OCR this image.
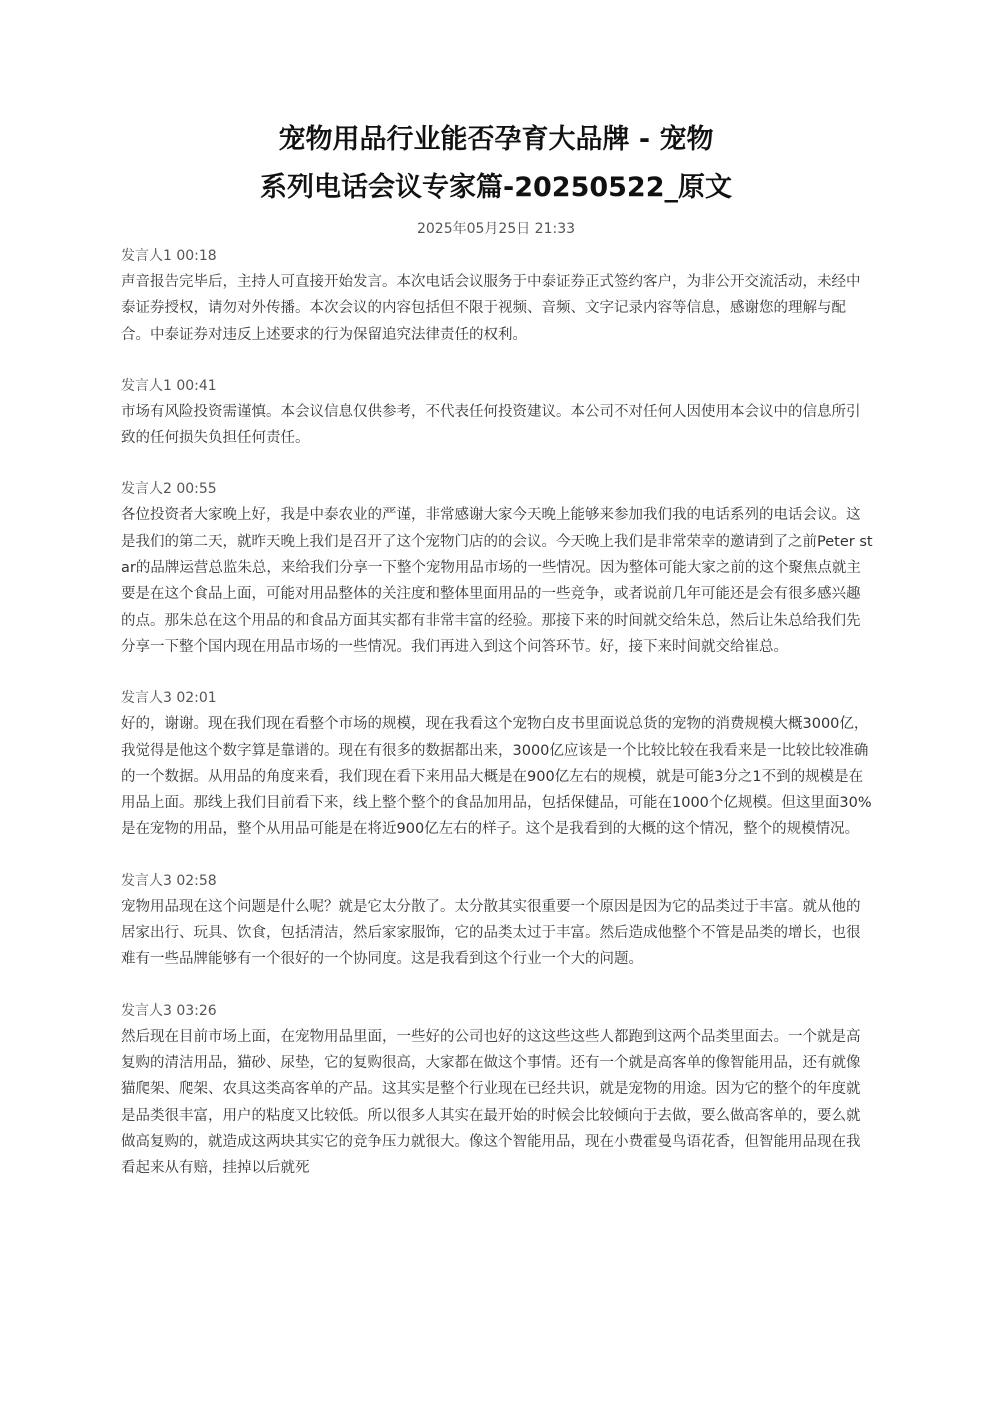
宠物用品行业能否孕育大品牌 - 宠物
系列电话会议专家篇-20250522_原文
2025年05月25日 21:33

发言人1 00:18

声音报告完毕后，主持人可直接开始发言。本次电话会议服务于中泰证券正式签约客户，为非公开交流活动，未经中泰证券授权，请勿对外传播。本次会议的内容包括但不限于视频、音频、文字记录内容等信息，感谢您的理解与配合。中泰证券对违反上述要求的行为保留追究法律责任的权利。

发言人1 00:41

市场有风险投资需谨慎。本会议信息仅供参考，不代表任何投资建议。本公司不对任何人因使用本会议中的信息所引致的任何损失负担任何责任。

发言人2 00:55

各位投资者大家晚上好，我是中泰农业的严谨，非常感谢大家今天晚上能够来参加我们我的电话系列的电话会议。这是我们的第二天，就昨天晚上我们是召开了这个宠物门店的的会议。今天晚上我们是非常荣幸的邀请到了之前Peter star的品牌运营总监朱总，来给我们分享一下整个宠物用品市场的一些情况。因为整体可能大家之前的这个聚焦点就主要是在这个食品上面，可能对用品整体的关注度和整体里面用品的一些竞争，或者说前几年可能还是会有很多感兴趣的点。那朱总在这个用品的和食品方面其实都有非常丰富的经验。那接下来的时间就交给朱总，然后让朱总给我们先分享一下整个国内现在用品市场的一些情况。我们再进入到这个问答环节。好，接下来时间就交给崔总。

发言人3 02:01

好的，谢谢。现在我们现在看整个市场的规模，现在我看这个宠物白皮书里面说总货的宠物的消费规模大概3000亿，我觉得是他这个数字算是靠谱的。现在有很多的数据都出来，3000亿应该是一个比较比较在我看来是一比较比较准确的一个数据。从用品的角度来看，我们现在看下来用品大概是在900亿左右的规模，就是可能3分之1不到的规模是在用品上面。那线上我们目前看下来，线上整个整个的食品加用品，包括保健品，可能在1000个亿规模。但这里面30%是在宠物的用品，整个从用品可能是在将近900亿左右的样子。这个是我看到的大概的这个情况，整个的规模情况。

发言人3 02:58

宠物用品现在这个问题是什么呢？就是它太分散了。太分散其实很重要一个原因是因为它的品类过于丰富。就从他的居家出行、玩具、饮食，包括清洁，然后家家服饰，它的品类太过于丰富。然后造成他整个不管是品类的增长，也很难有一些品牌能够有一个很好的一个协同度。这是我看到这个行业一个大的问题。

发言人3 03:26

然后现在目前市场上面，在宠物用品里面，一些好的公司也好的这这些这些人都跑到这两个品类里面去。一个就是高复购的清洁用品，猫砂、尿垫，它的复购很高，大家都在做这个事情。还有一个就是高客单的像智能用品，还有就像猫爬架、爬架、农具这类高客单的产品。这其实是整个行业现在已经共识，就是宠物的用途。因为它的整个的年度就是品类很丰富，用户的粘度又比较低。所以很多人其实在最开始的时候会比较倾向于去做，要么做高客单的，要么就做高复购的，就造成这两块其实它的竞争压力就很大。像这个智能用品，现在小费霍曼鸟语花香，但智能用品现在我看起来从有赔，挂掉以后就死
